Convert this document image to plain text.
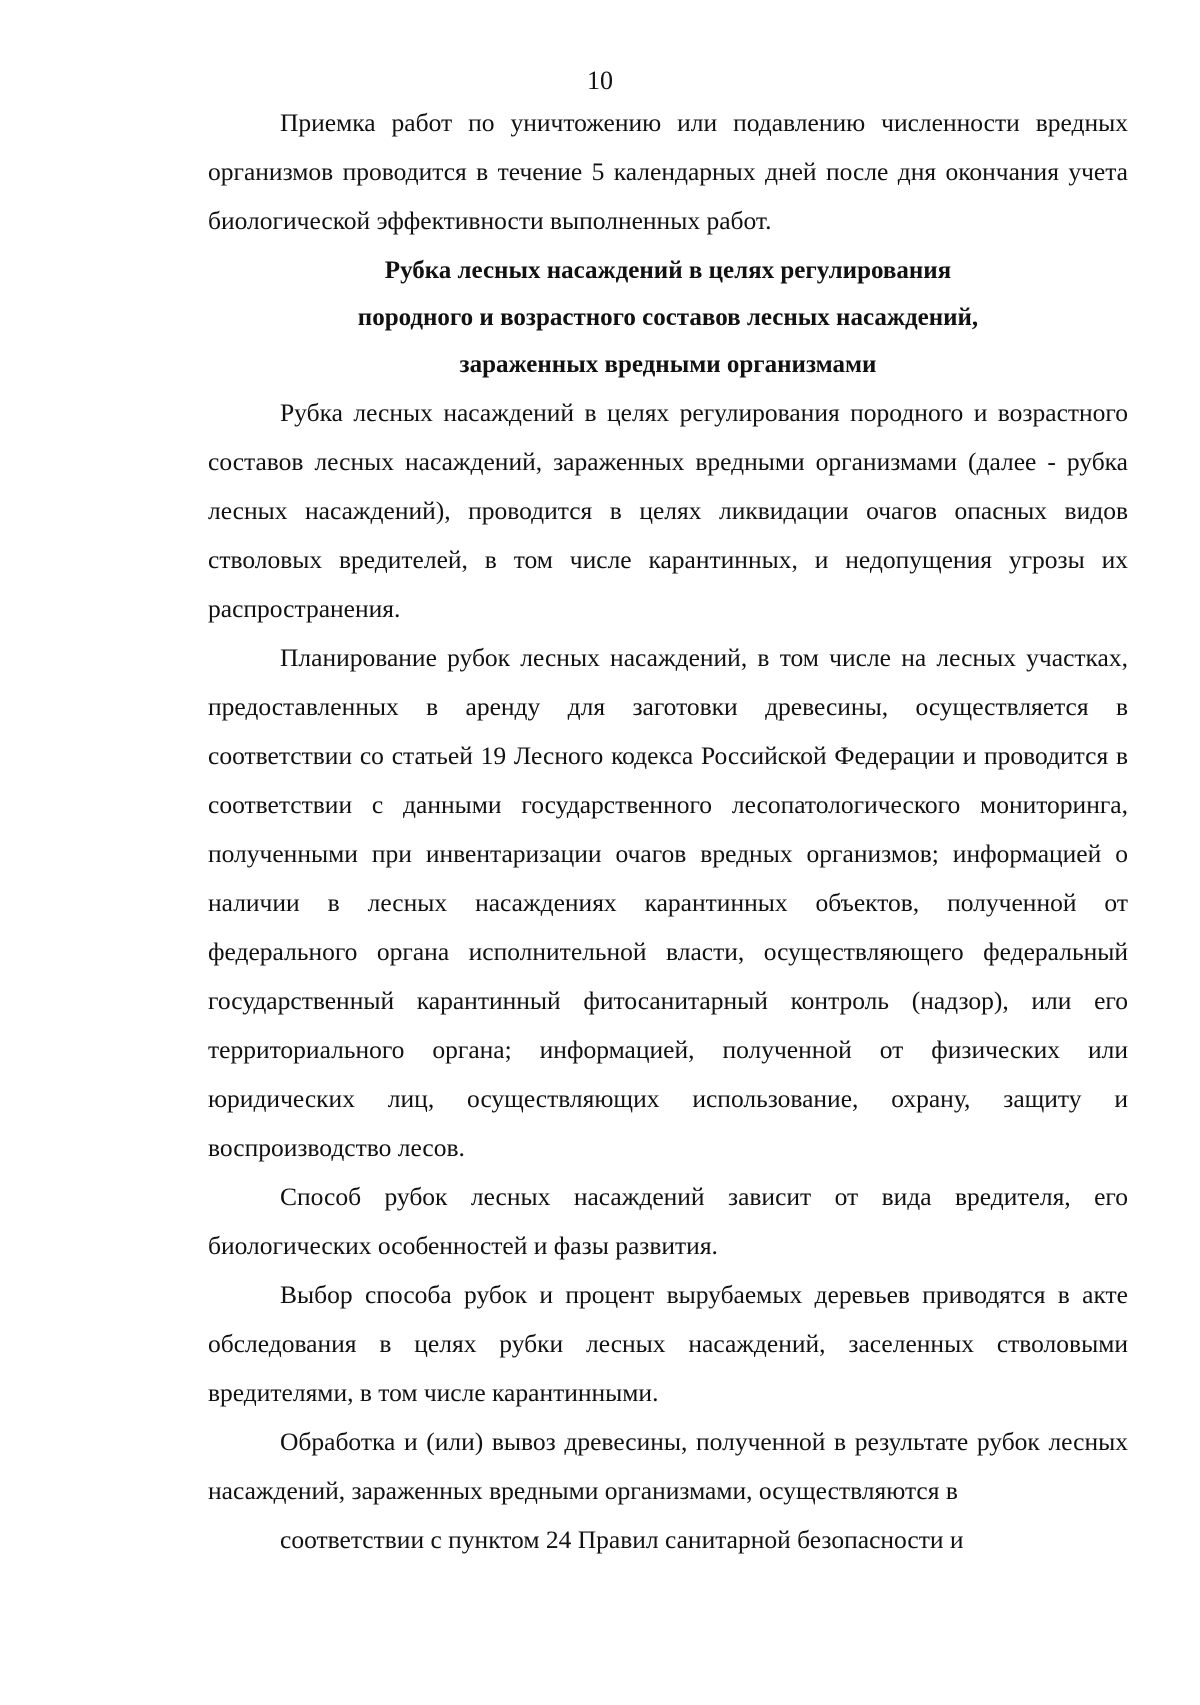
10

Приемка работ по уничтожению или подавлению численности вредных организмов проводится в течение 5 календарных дней после дня окончания учета биологической эффективности выполненных работ.

Рубка лесных насаждений в целях регулирования
породного и возрастного составов лесных насаждений,
зараженных вредными организмами

Рубка лесных насаждений в целях регулирования породного и возрастного составов лесных насаждений, зараженных вредными организмами (далее - рубка лесных насаждений), проводится в целях ликвидации очагов опасных видов стволовых вредителей, в том числе карантинных, и недопущения угрозы их распространения.

Планирование рубок лесных насаждений, в том числе на лесных участках, предоставленных в аренду для заготовки древесины, осуществляется в соответствии со статьей 19 Лесного кодекса Российской Федерации и проводится в соответствии с данными государственного лесопатологического мониторинга, полученными при инвентаризации очагов вредных организмов; информацией о наличии в лесных насаждениях карантинных объектов, полученной от федерального органа исполнительной власти, осуществляющего федеральный государственный карантинный фитосанитарный контроль (надзор), или его территориального органа; информацией, полученной от физических или юридических лиц, осуществляющих использование, охрану, защиту и воспроизводство лесов.

Способ рубок лесных насаждений зависит от вида вредителя, его биологических особенностей и фазы развития.

Выбор способа рубок и процент вырубаемых деревьев приводятся в акте обследования в целях рубки лесных насаждений, заселенных стволовыми вредителями, в том числе карантинными.

Обработка и (или) вывоз древесины, полученной в результате рубок лесных насаждений, зараженных вредными организмами, осуществляются в

соответствии с пунктом 24 Правил санитарной безопасности и
